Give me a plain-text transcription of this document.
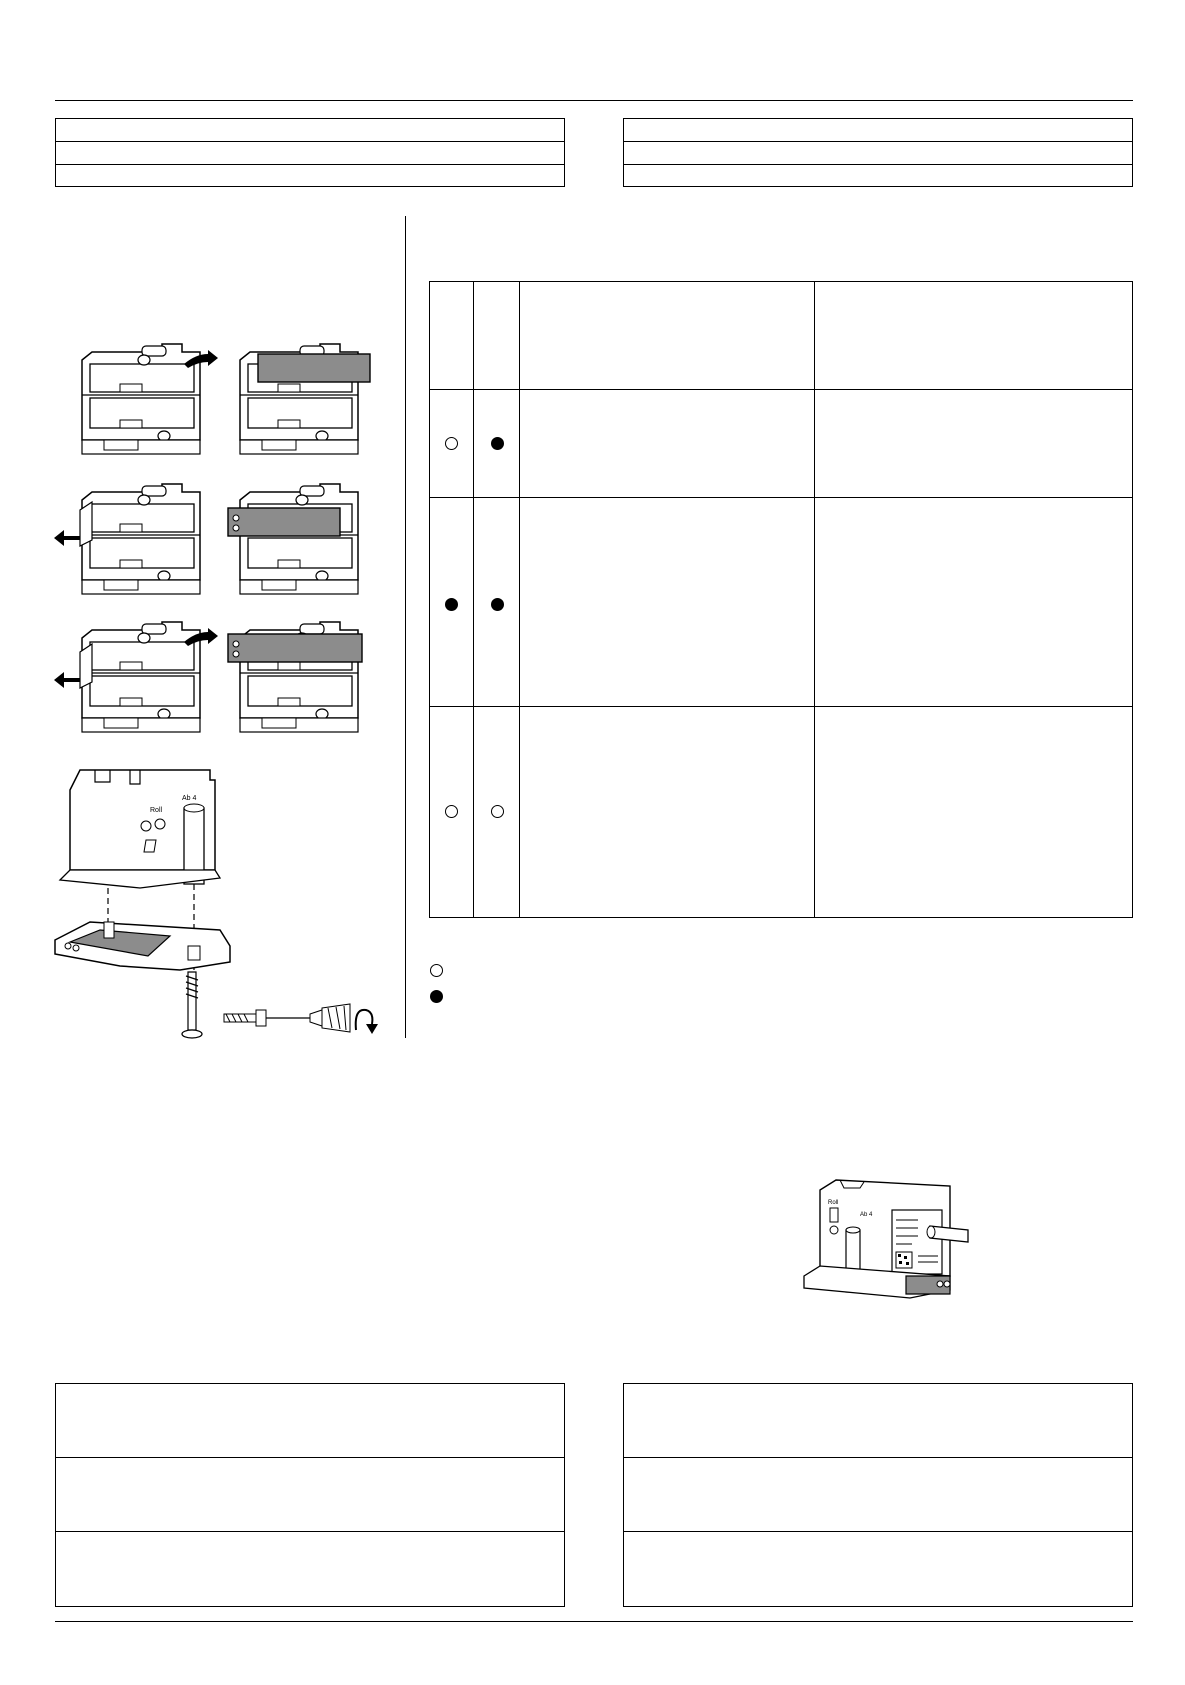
Roll
Ab 4
Roll
Ab 4
